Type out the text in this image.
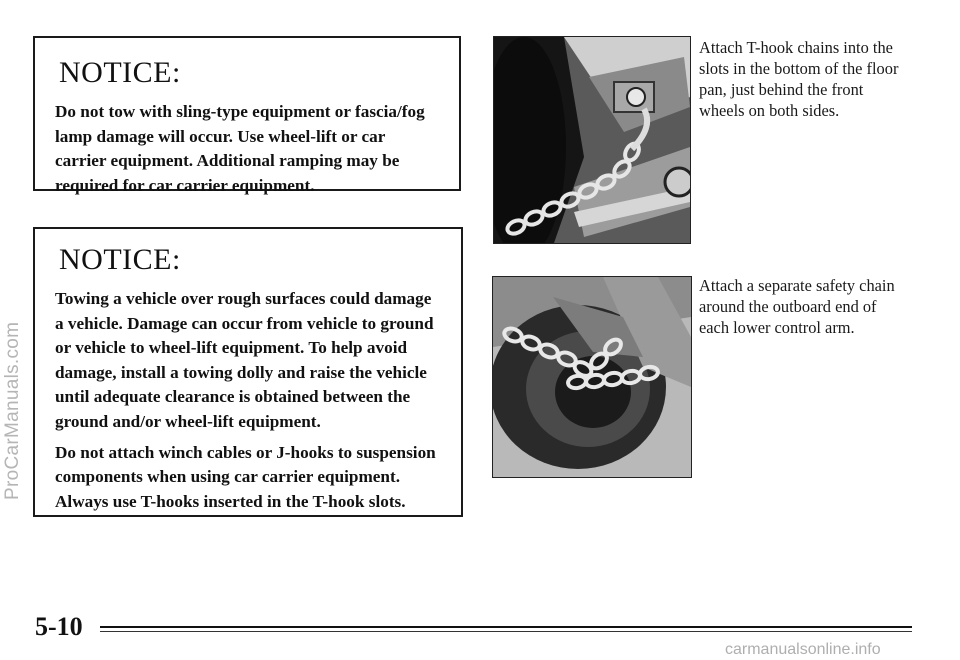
NOTICE:

Do not tow with sling-type equipment or fascia/fog lamp damage will occur. Use wheel-lift or car carrier equipment. Additional ramping may be required for car carrier equipment.

NOTICE:

Towing a vehicle over rough surfaces could damage a vehicle. Damage can occur from vehicle to ground or vehicle to wheel-lift equipment. To help avoid damage, install a towing dolly and raise the vehicle until adequate clearance is obtained between the ground and/or wheel-lift equipment.

Do not attach winch cables or J-hooks to suspension components when using car carrier equipment. Always use T-hooks inserted in the T-hook slots.

Attach T-hook chains into the slots in the bottom of the floor pan, just behind the front wheels on both sides.
Attach a separate safety chain around the outboard end of each lower control arm.
5-10
ProCarManuals.com
carmanualsonline.info
